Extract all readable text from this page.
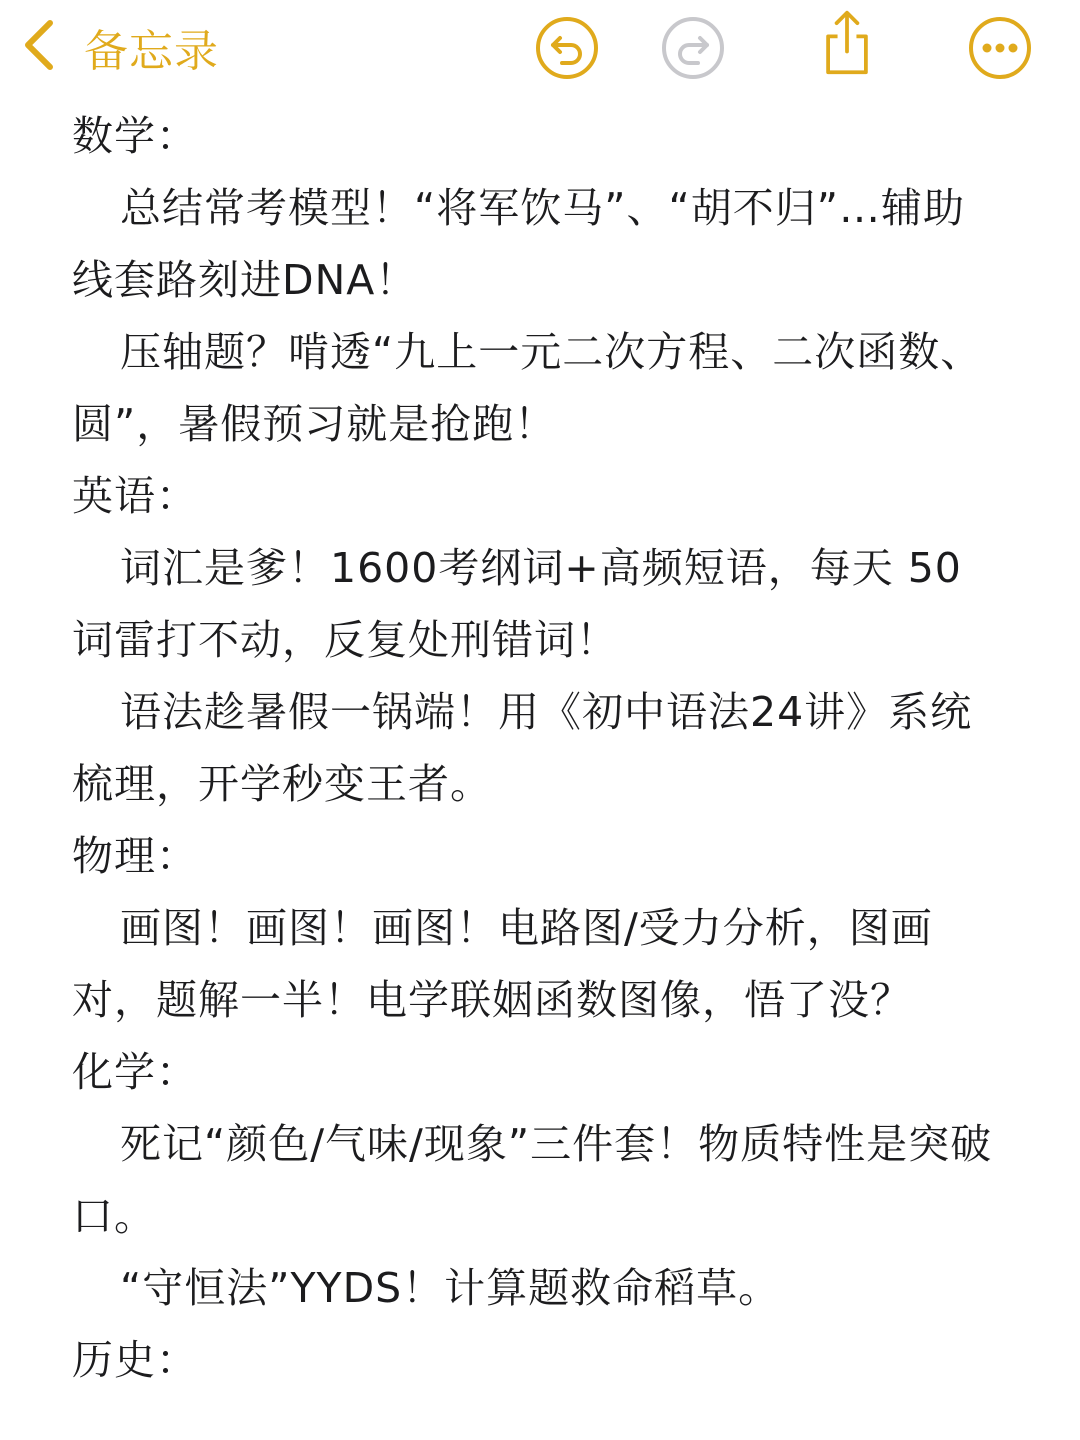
备忘录

数学：

总结常考模型！“将军饮马”、“胡不归”…辅助线套路刻进DNA！

压轴题？啃透“九上一元二次方程、二次函数、圆”，暑假预习就是抢跑！

英语：

词汇是爹！1600考纲词+高频短语，每天 50词雷打不动，反复处刑错词！

语法趁暑假一锅端！用《初中语法24讲》系统梳理，开学秒变王者。

物理：

画图！画图！画图！电路图/受力分析，图画对，题解一半！电学联姻函数图像，悟了没？

化学：

死记“颜色/气味/现象”三件套！物质特性是突破口。

“守恒法”YYDS！计算题救命稻草。

历史：
